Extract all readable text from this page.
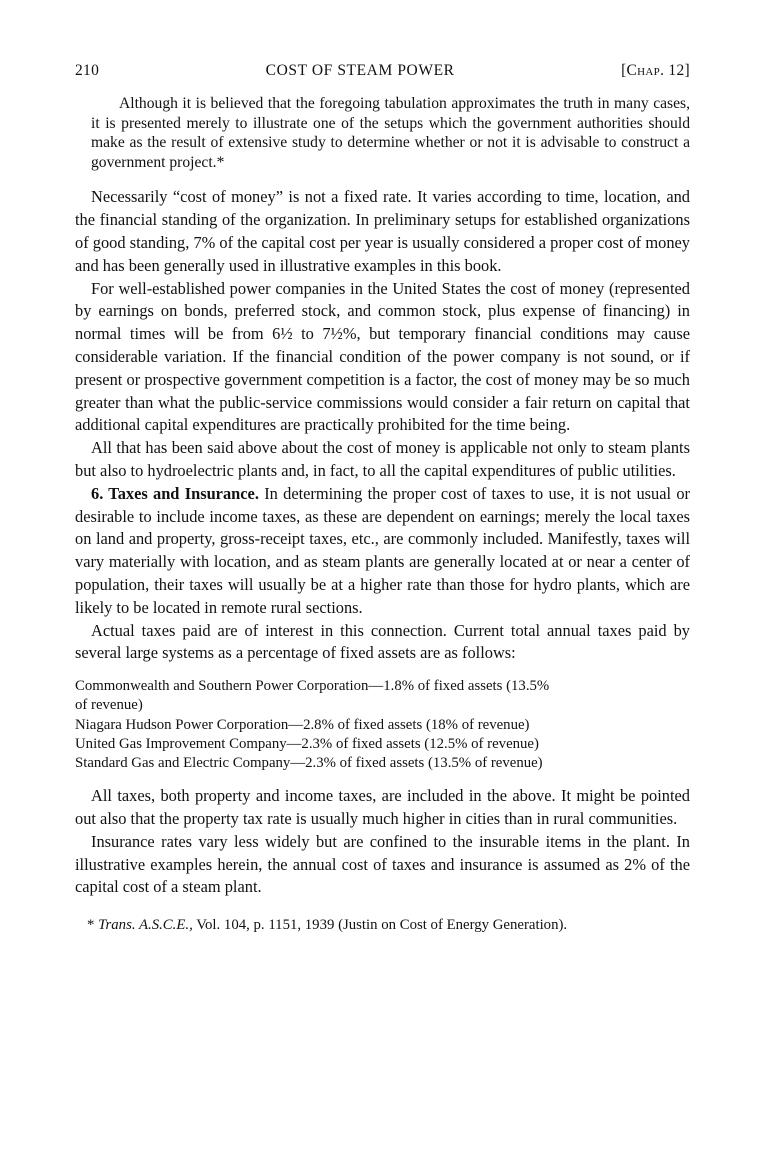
210	COST OF STEAM POWER	[Chap. 12]
Although it is believed that the foregoing tabulation approximates the truth in many cases, it is presented merely to illustrate one of the setups which the government authorities should make as the result of extensive study to determine whether or not it is advisable to construct a government project.*

Necessarily “cost of money” is not a fixed rate. It varies according to time, location, and the financial standing of the organization. In preliminary setups for established organizations of good standing, 7% of the capital cost per year is usually considered a proper cost of money and has been generally used in illustrative examples in this book.

For well-established power companies in the United States the cost of money (represented by earnings on bonds, preferred stock, and common stock, plus expense of financing) in normal times will be from 6½ to 7½%, but temporary financial conditions may cause considerable variation. If the financial condition of the power company is not sound, or if present or prospective government competition is a factor, the cost of money may be so much greater than what the public-service commissions would consider a fair return on capital that additional capital expenditures are practically prohibited for the time being.

All that has been said above about the cost of money is applicable not only to steam plants but also to hydroelectric plants and, in fact, to all the capital expenditures of public utilities.

6. Taxes and Insurance. In determining the proper cost of taxes to use, it is not usual or desirable to include income taxes, as these are dependent on earnings; merely the local taxes on land and property, gross-receipt taxes, etc., are commonly included. Manifestly, taxes will vary materially with location, and as steam plants are generally located at or near a center of population, their taxes will usually be at a higher rate than those for hydro plants, which are likely to be located in remote rural sections.

Actual taxes paid are of interest in this connection. Current total annual taxes paid by several large systems as a percentage of fixed assets are as follows:

Commonwealth and Southern Power Corporation—1.8% of fixed assets (13.5%
of revenue)
Niagara Hudson Power Corporation—2.8% of fixed assets (18% of revenue)
United Gas Improvement Company—2.3% of fixed assets (12.5% of revenue)
Standard Gas and Electric Company—2.3% of fixed assets (13.5% of revenue)

All taxes, both property and income taxes, are included in the above. It might be pointed out also that the property tax rate is usually much higher in cities than in rural communities.

Insurance rates vary less widely but are confined to the insurable items in the plant. In illustrative examples herein, the annual cost of taxes and insurance is assumed as 2% of the capital cost of a steam plant.

* Trans. A.S.C.E., Vol. 104, p. 1151, 1939 (Justin on Cost of Energy Generation).
